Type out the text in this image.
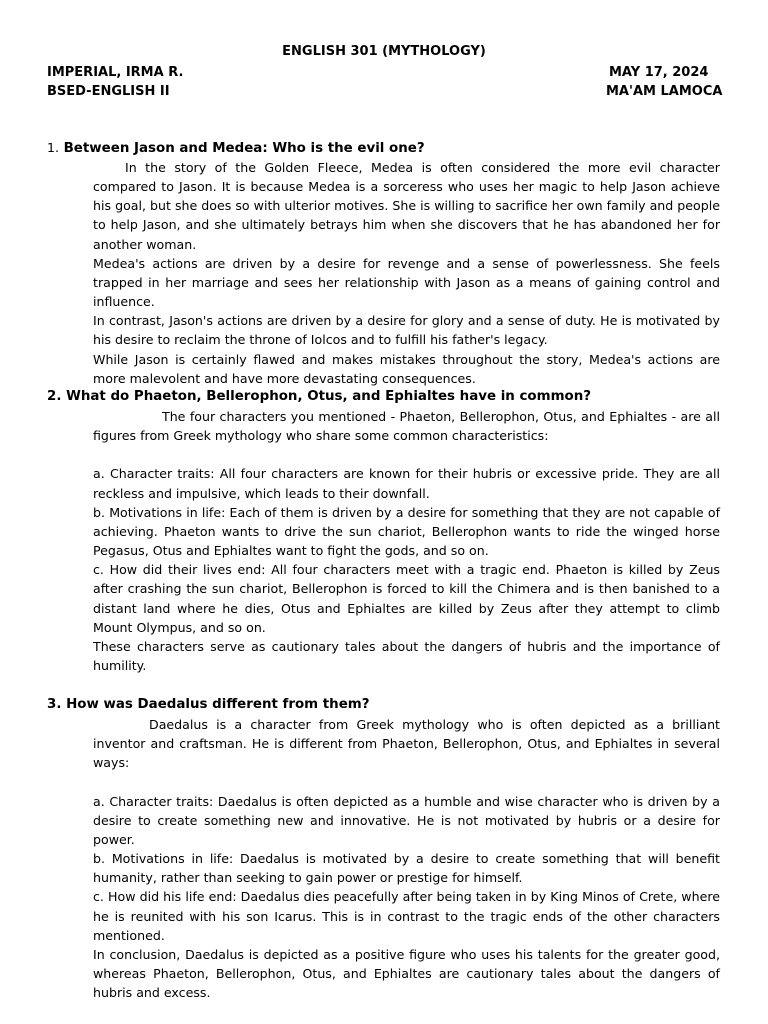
ENGLISH 301 (MYTHOLOGY)
IMPERIAL, IRMA R.	MAY 17, 2024
BSED-ENGLISH II	MA'AM LAMOCA
1. Between Jason and Medea: Who is the evil one?

In the story of the Golden Fleece, Medea is often considered the more evil character compared to Jason. It is because Medea is a sorceress who uses her magic to help Jason achieve his goal, but she does so with ulterior motives. She is willing to sacrifice her own family and people to help Jason, and she ultimately betrays him when she discovers that he has abandoned her for another woman.

Medea's actions are driven by a desire for revenge and a sense of powerlessness. She feels trapped in her marriage and sees her relationship with Jason as a means of gaining control and influence.

In contrast, Jason's actions are driven by a desire for glory and a sense of duty. He is motivated by his desire to reclaim the throne of Iolcos and to fulfill his father's legacy.

While Jason is certainly flawed and makes mistakes throughout the story, Medea's actions are more malevolent and have more devastating consequences.

2. What do Phaeton, Bellerophon, Otus, and Ephialtes have in common?

The four characters you mentioned - Phaeton, Bellerophon, Otus, and Ephialtes - are all figures from Greek mythology who share some common characteristics:

a. Character traits: All four characters are known for their hubris or excessive pride. They are all reckless and impulsive, which leads to their downfall.

b. Motivations in life: Each of them is driven by a desire for something that they are not capable of achieving. Phaeton wants to drive the sun chariot, Bellerophon wants to ride the winged horse Pegasus, Otus and Ephialtes want to fight the gods, and so on.

c. How did their lives end: All four characters meet with a tragic end. Phaeton is killed by Zeus after crashing the sun chariot, Bellerophon is forced to kill the Chimera and is then banished to a distant land where he dies, Otus and Ephialtes are killed by Zeus after they attempt to climb Mount Olympus, and so on.

These characters serve as cautionary tales about the dangers of hubris and the importance of humility.

3. How was Daedalus different from them?

Daedalus is a character from Greek mythology who is often depicted as a brilliant inventor and craftsman. He is different from Phaeton, Bellerophon, Otus, and Ephialtes in several ways:

a. Character traits: Daedalus is often depicted as a humble and wise character who is driven by a desire to create something new and innovative. He is not motivated by hubris or a desire for power.

b. Motivations in life: Daedalus is motivated by a desire to create something that will benefit humanity, rather than seeking to gain power or prestige for himself.

c. How did his life end: Daedalus dies peacefully after being taken in by King Minos of Crete, where he is reunited with his son Icarus. This is in contrast to the tragic ends of the other characters mentioned.

In conclusion, Daedalus is depicted as a positive figure who uses his talents for the greater good, whereas Phaeton, Bellerophon, Otus, and Ephialtes are cautionary tales about the dangers of hubris and excess.
